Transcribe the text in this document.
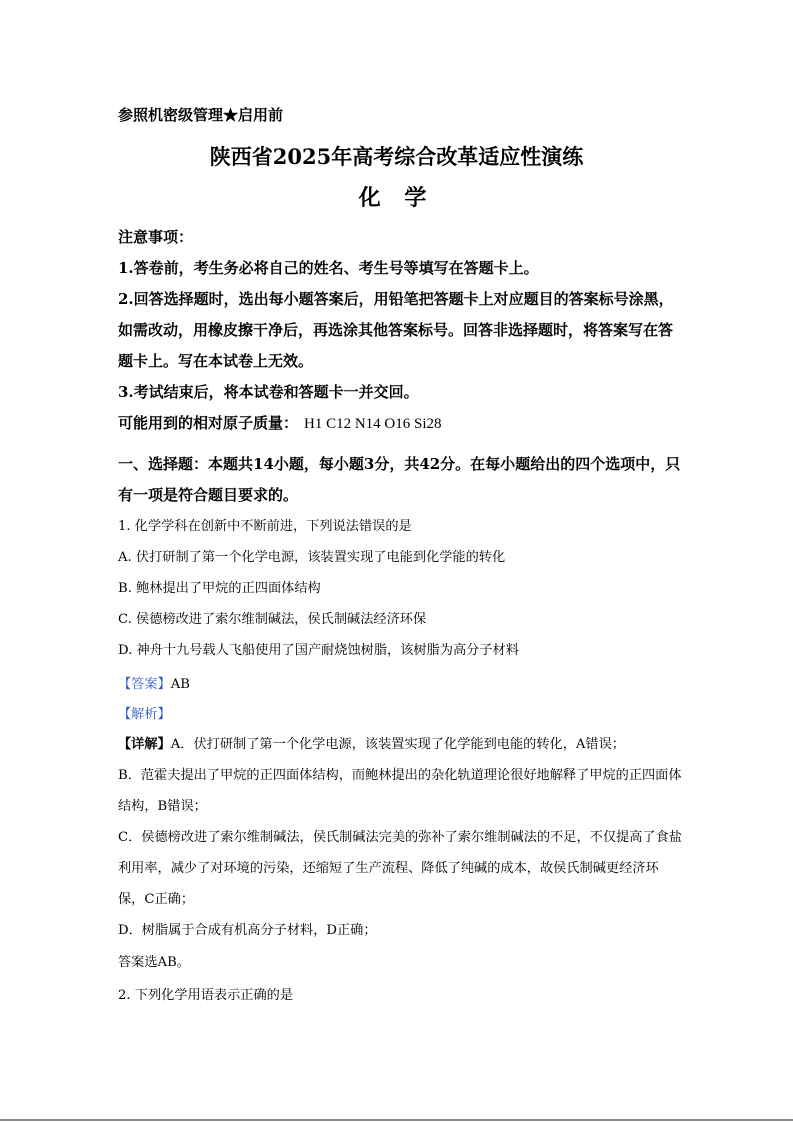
参照机密级管理★启用前
陕西省2025年高考综合改革适应性演练
化 学
注意事项：
1.答卷前，考生务必将自己的姓名、考生号等填写在答题卡上。
2.回答选择题时，选出每小题答案后，用铅笔把答题卡上对应题目的答案标号涂黑，如需改动，用橡皮擦干净后，再选涂其他答案标号。回答非选择题时，将答案写在答题卡上。写在本试卷上无效。
3.考试结束后，将本试卷和答题卡一并交回。
可能用到的相对原子质量： H1 C12 N14 O16 Si28
一、选择题：本题共14小题，每小题3分，共42分。在每小题给出的四个选项中，只有一项是符合题目要求的。
1. 化学学科在创新中不断前进，下列说法错误的是
A. 伏打研制了第一个化学电源，该装置实现了电能到化学能的转化
B. 鲍林提出了甲烷的正四面体结构
C. 侯德榜改进了索尔维制碱法，侯氏制碱法经济环保
D. 神舟十九号载人飞船使用了国产耐烧蚀树脂，该树脂为高分子材料
【答案】AB
【解析】
【详解】A．伏打研制了第一个化学电源，该装置实现了化学能到电能的转化，A错误；
B．范霍夫提出了甲烷的正四面体结构，而鲍林提出的杂化轨道理论很好地解释了甲烷的正四面体结构，B错误；
C．侯德榜改进了索尔维制碱法，侯氏制碱法完美的弥补了索尔维制碱法的不足，不仅提高了食盐利用率，减少了对环境的污染，还缩短了生产流程、降低了纯碱的成本，故侯氏制碱更经济环保，C正确；
D．树脂属于合成有机高分子材料，D正确；
答案选AB。
2. 下列化学用语表示正确的是
